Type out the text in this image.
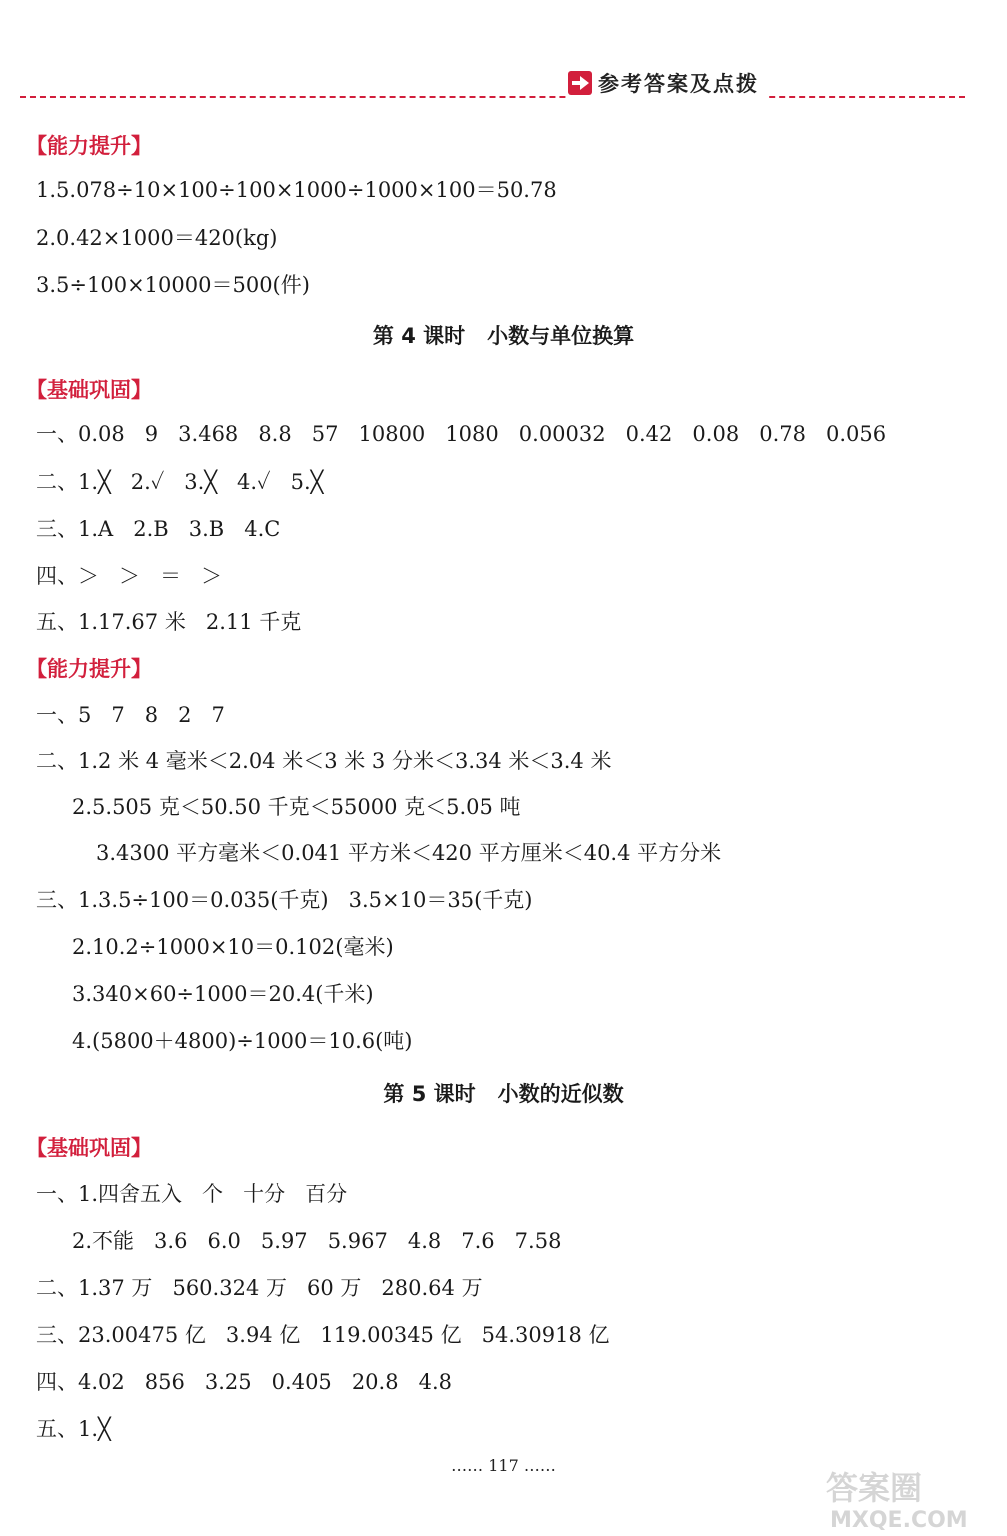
参考答案及点拨
【能力提升】
1.5.078÷10×100÷100×1000÷1000×100＝50.78
2.0.42×1000＝420(kg)
3.5÷100×10000＝500(件)
第 4 课时   小数与单位换算
【基础巩固】
一、0.08   9   3.468   8.8   57   10800   1080   0.00032   0.42   0.08   0.78   0.056
二、1.╳   2.✓   3.╳   4.✓   5.╳
三、1.A   2.B   3.B   4.C
四、＞   ＞   ＝   ＞
五、1.17.67 米   2.11 千克
【能力提升】
一、5   7   8   2   7
二、1.2 米 4 毫米＜2.04 米＜3 米 3 分米＜3.34 米＜3.4 米
2.5.505 克＜50.50 千克＜55000 克＜5.05 吨
3.4300 平方毫米＜0.041 平方米＜420 平方厘米＜40.4 平方分米
三、1.3.5÷100＝0.035(千克)   3.5×10＝35(千克)
2.10.2÷1000×10＝0.102(毫米)
3.340×60÷1000＝20.4(千米)
4.(5800＋4800)÷1000＝10.6(吨)
第 5 课时   小数的近似数
【基础巩固】
一、1.四舍五入   个   十分   百分
2.不能   3.6   6.0   5.97   5.967   4.8   7.6   7.58
二、1.37 万   560.324 万   60 万   280.64 万
三、23.00475 亿   3.94 亿   119.00345 亿   54.30918 亿
四、4.02   856   3.25   0.405   20.8   4.8
五、1.╳
…… 117 ……
答案圈
MXQE.COM
